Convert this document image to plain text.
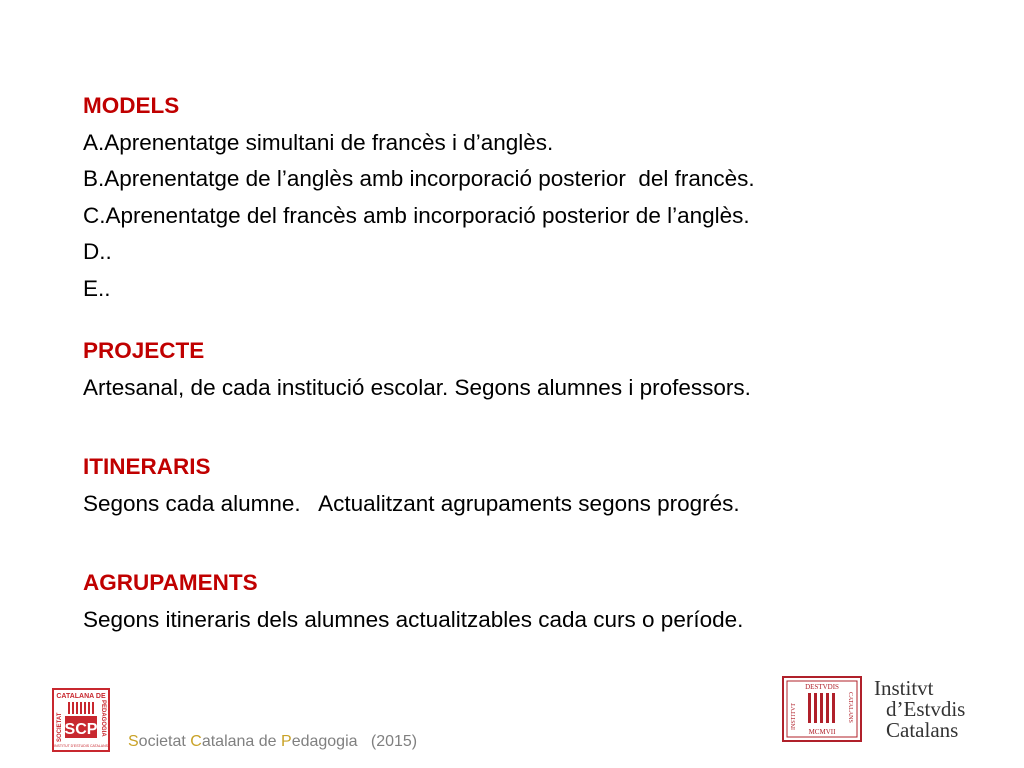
MODELS
A.Aprenentatge simultani de francès i d’anglès.
B.Aprenentatge de l’anglès amb incorporació posterior  del francès.
C.Aprenentatge del francès amb incorporació posterior de l’anglès.
D..
E..
PROJECTE
Artesanal, de cada institució escolar. Segons alumnes i professors.
ITINERARIS
Segons cada alumne.   Actualitzant agrupaments segons progrés.
AGRUPAMENTS
Segons itineraris dels alumnes actualitzables cada curs o període.
CATALANA DE
SOCIETAT	PEDAGOGIA
SCP
INSTITUT D'ESTUDIS CATALANS Societat Catalana de Pedagogia   (2015)
DESTVDIS
INSTITVT	CATALANS
MCMVII
Institvt
d’Estvdis
Catalans
